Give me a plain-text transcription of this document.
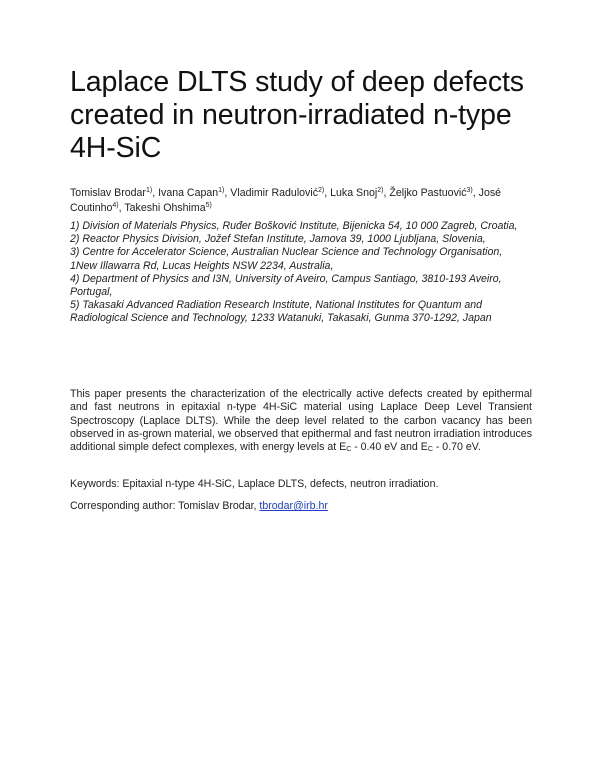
Laplace DLTS study of deep defects created in neutron-irradiated n-type 4H-SiC
Tomislav Brodar$^{1)}$, Ivana Capan$^{1)}$, Vladimir Radulović$^{2)}$, Luka Snoj$^{2)}$, Željko Pastuović$^{3)}$, José Coutinho$^{4)}$, Takeshi Ohshima$^{5)}$
1) Division of Materials Physics, Ruđer Bošković Institute, Bijenicka 54, 10 000 Zagreb, Croatia,
2) Reactor Physics Division, Jožef Stefan Institute, Jamova 39, 1000 Ljubljana, Slovenia,
3) Centre for Accelerator Science, Australian Nuclear Science and Technology Organisation, 1New Illawarra Rd, Lucas Heights NSW 2234, Australia,
4) Department of Physics and I3N, University of Aveiro, Campus Santiago, 3810-193 Aveiro, Portugal,
5) Takasaki Advanced Radiation Research Institute, National Institutes for Quantum and Radiological Science and Technology, 1233 Watanuki, Takasaki, Gunma 370-1292, Japan
This paper presents the characterization of the electrically active defects created by epithermal and fast neutrons in epitaxial n-type 4H-SiC material using Laplace Deep Level Transient Spectroscopy (Laplace DLTS). While the deep level related to the carbon vacancy has been observed in as-grown material, we observed that epithermal and fast neutron irradiation introduces additional simple defect complexes, with energy levels at $E_C - 0.40$ eV and $E_C - 0.70$ eV.
Keywords: Epitaxial n-type 4H-SiC, Laplace DLTS, defects, neutron irradiation.
Corresponding author: Tomislav Brodar, tbrodar@irb.hr
